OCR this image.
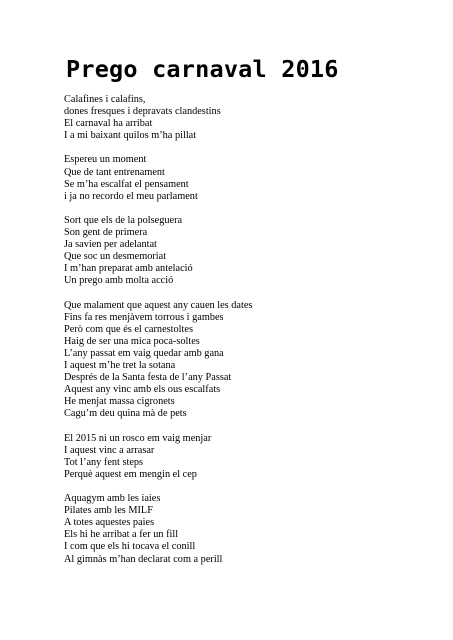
Prego carnaval 2016
Calafines i calafins,
dones fresques i depravats clandestins
El carnaval ha arribat
I a mi baixant quilos m’ha pillat
Espereu un moment
Que de tant entrenament
Se m’ha escalfat el pensament
i ja no recordo el meu parlament
Sort que els de la polseguera
Son gent de primera
Ja savien per adelantat
Que soc un desmemoriat
I m’han preparat amb antelació
Un prego amb molta acció
Que malament que aquest any cauen les dates
Fins fa res menjàvem torrous i gambes
Però com que és el carnestoltes
Haig de ser una mica poca-soltes
L’any passat em vaig quedar amb gana
I aquest m’he tret la sotana
Després de la Santa festa de l’any Passat
Aquest any vinc amb els ous escalfats
He menjat massa cigronets
Cagu’m deu quina mà de pets
El 2015 ni un rosco em vaig menjar
I aquest vinc a arrasar
Tot l’any fent steps
Perquè aquest em mengin el cep
Aquagym amb les iaies
Pilates amb les MILF
A totes aquestes paies
Els hi he arribat a fer un fill
I com que els hi tocava el conill
Al gimnàs m’han declarat com a perill
